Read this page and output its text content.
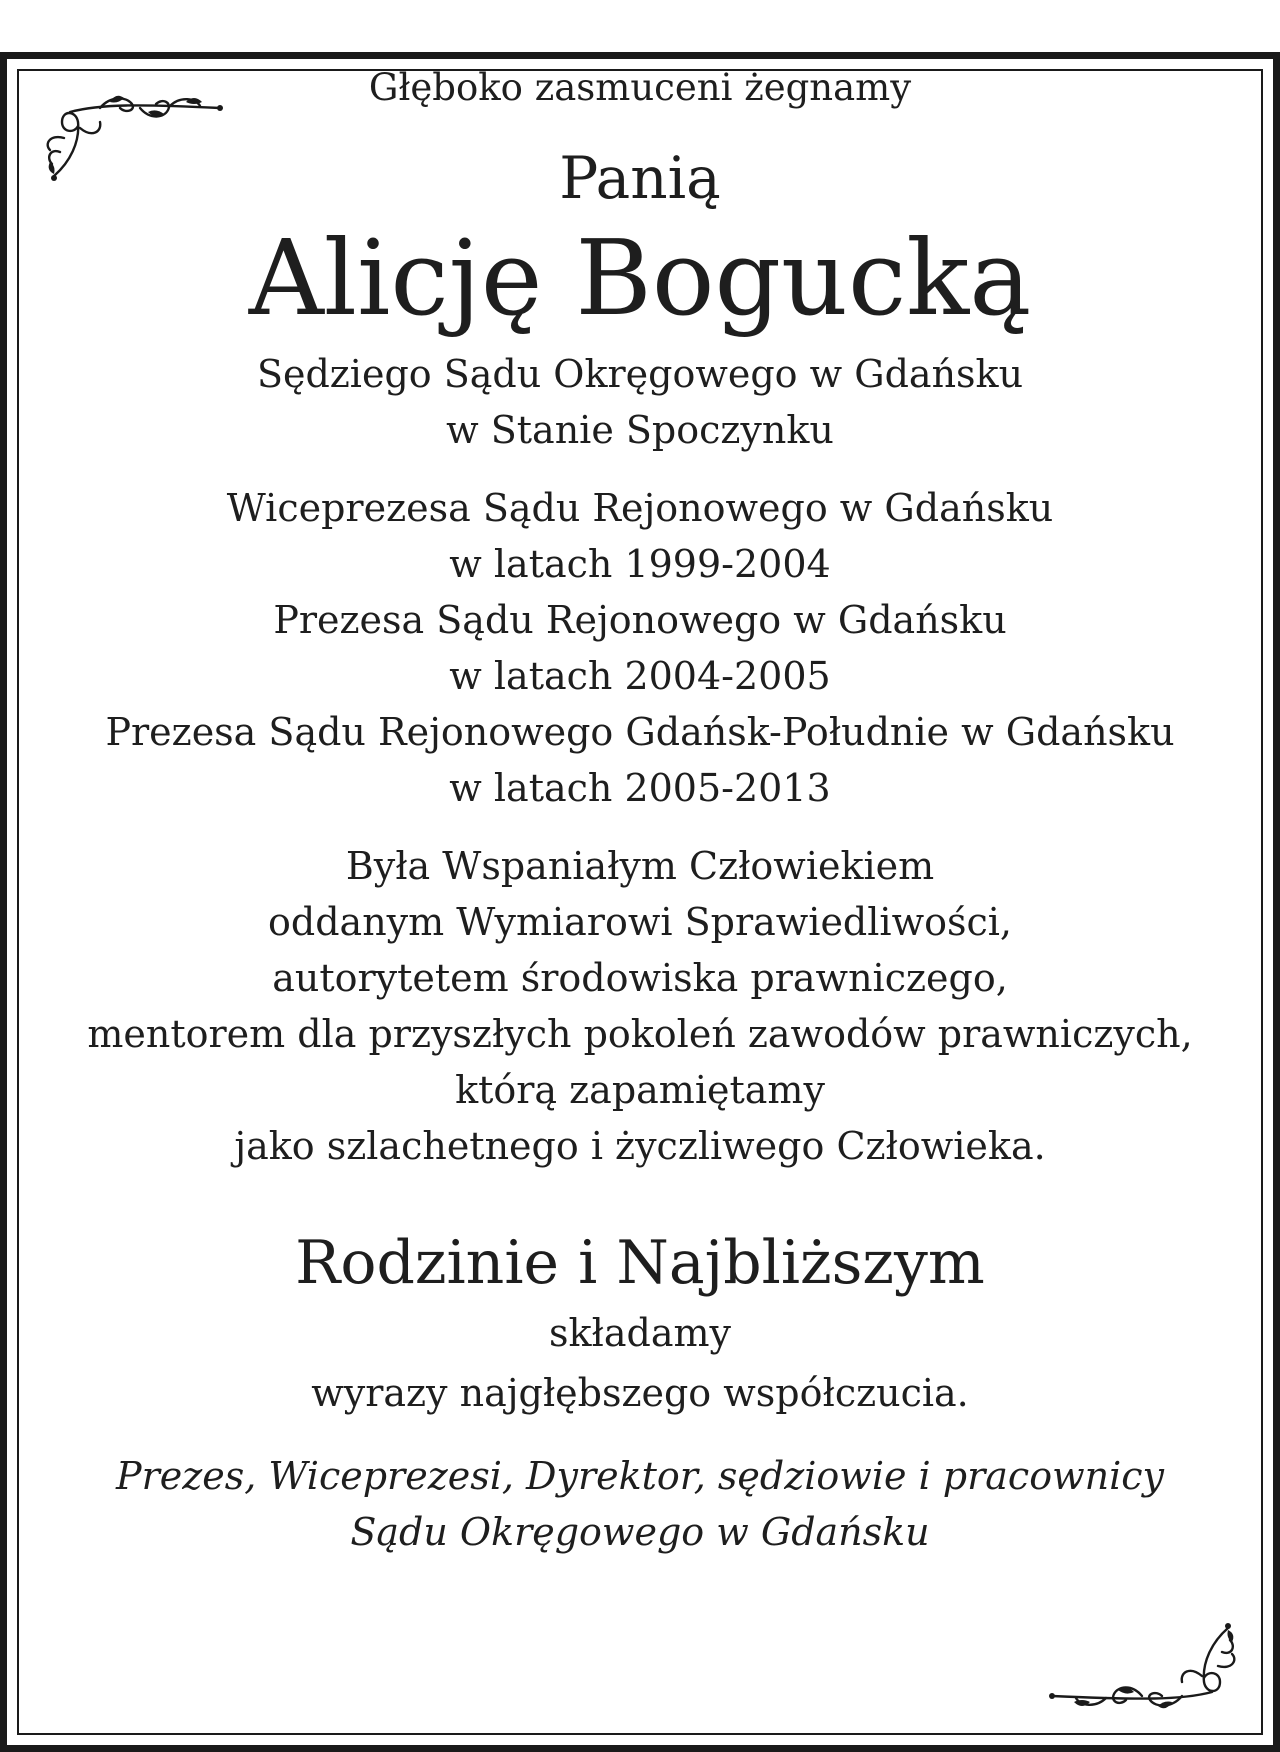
Głęboko zasmuceni żegnamy
Panią
Alicję Bogucką
Sędziego Sądu Okręgowego w Gdańsku
w Stanie Spoczynku
Wiceprezesa Sądu Rejonowego w Gdańsku
w latach 1999-2004
Prezesa Sądu Rejonowego w Gdańsku
w latach 2004-2005
Prezesa Sądu Rejonowego Gdańsk-Południe w Gdańsku
w latach 2005-2013
Była Wspaniałym Człowiekiem
oddanym Wymiarowi Sprawiedliwości,
autorytetem środowiska prawniczego,
mentorem dla przyszłych pokoleń zawodów prawniczych,
którą zapamiętamy
jako szlachetnego i życzliwego Człowieka.
Rodzinie i Najbliższym
składamy
wyrazy najgłębszego współczucia.
Prezes, Wiceprezesi, Dyrektor, sędziowie i pracownicy
Sądu Okręgowego w Gdańsku
